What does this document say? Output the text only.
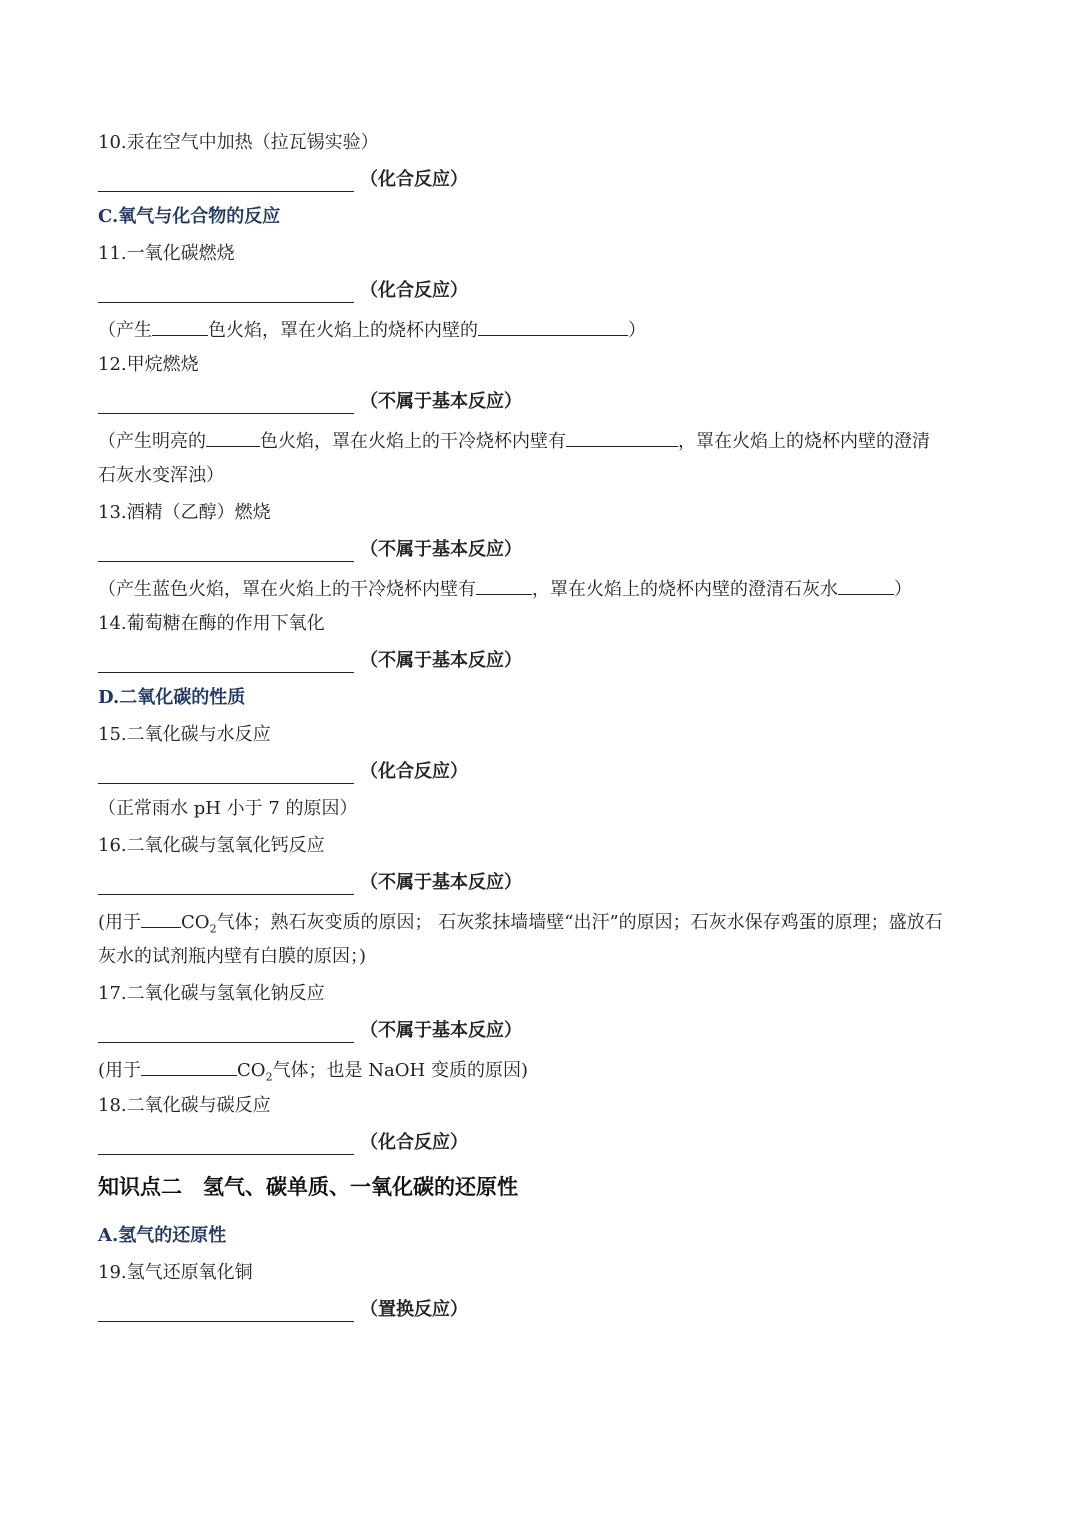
10.汞在空气中加热（拉瓦锡实验）
（化合反应）
C.氧气与化合物的反应
11.一氧化碳燃烧
（化合反应）
（产生	色火焰，罩在火焰上的烧杯内壁的	）
12.甲烷燃烧
（不属于基本反应）
（产生明亮的	色火焰，罩在火焰上的干冷烧杯内壁有	，罩在火焰上的烧杯内壁的澄清
石灰水变浑浊）
13.酒精（乙醇）燃烧
（不属于基本反应）
（产生蓝色火焰，罩在火焰上的干冷烧杯内壁有	，罩在火焰上的烧杯内壁的澄清石灰水	）
14.葡萄糖在酶的作用下氧化
（不属于基本反应）
D.二氧化碳的性质
15.二氧化碳与水反应
（化合反应）
（正常雨水 pH 小于 7 的原因）
16.二氧化碳与氢氧化钙反应
（不属于基本反应）
(用于 $CO_2$气体；熟石灰变质的原因； 石灰浆抹墙墙壁“出汗”的原因；石灰水保存鸡蛋的原理；盛放石
灰水的试剂瓶内壁有白膜的原因；)
17.二氧化碳与氢氧化钠反应
（不属于基本反应）
(用于	$CO_2$气体；也是 NaOH 变质的原因)
18.二氧化碳与碳反应
（化合反应）
知识点二　氢气、碳单质、一氧化碳的还原性
A.氢气的还原性
19.氢气还原氧化铜
（置换反应）
